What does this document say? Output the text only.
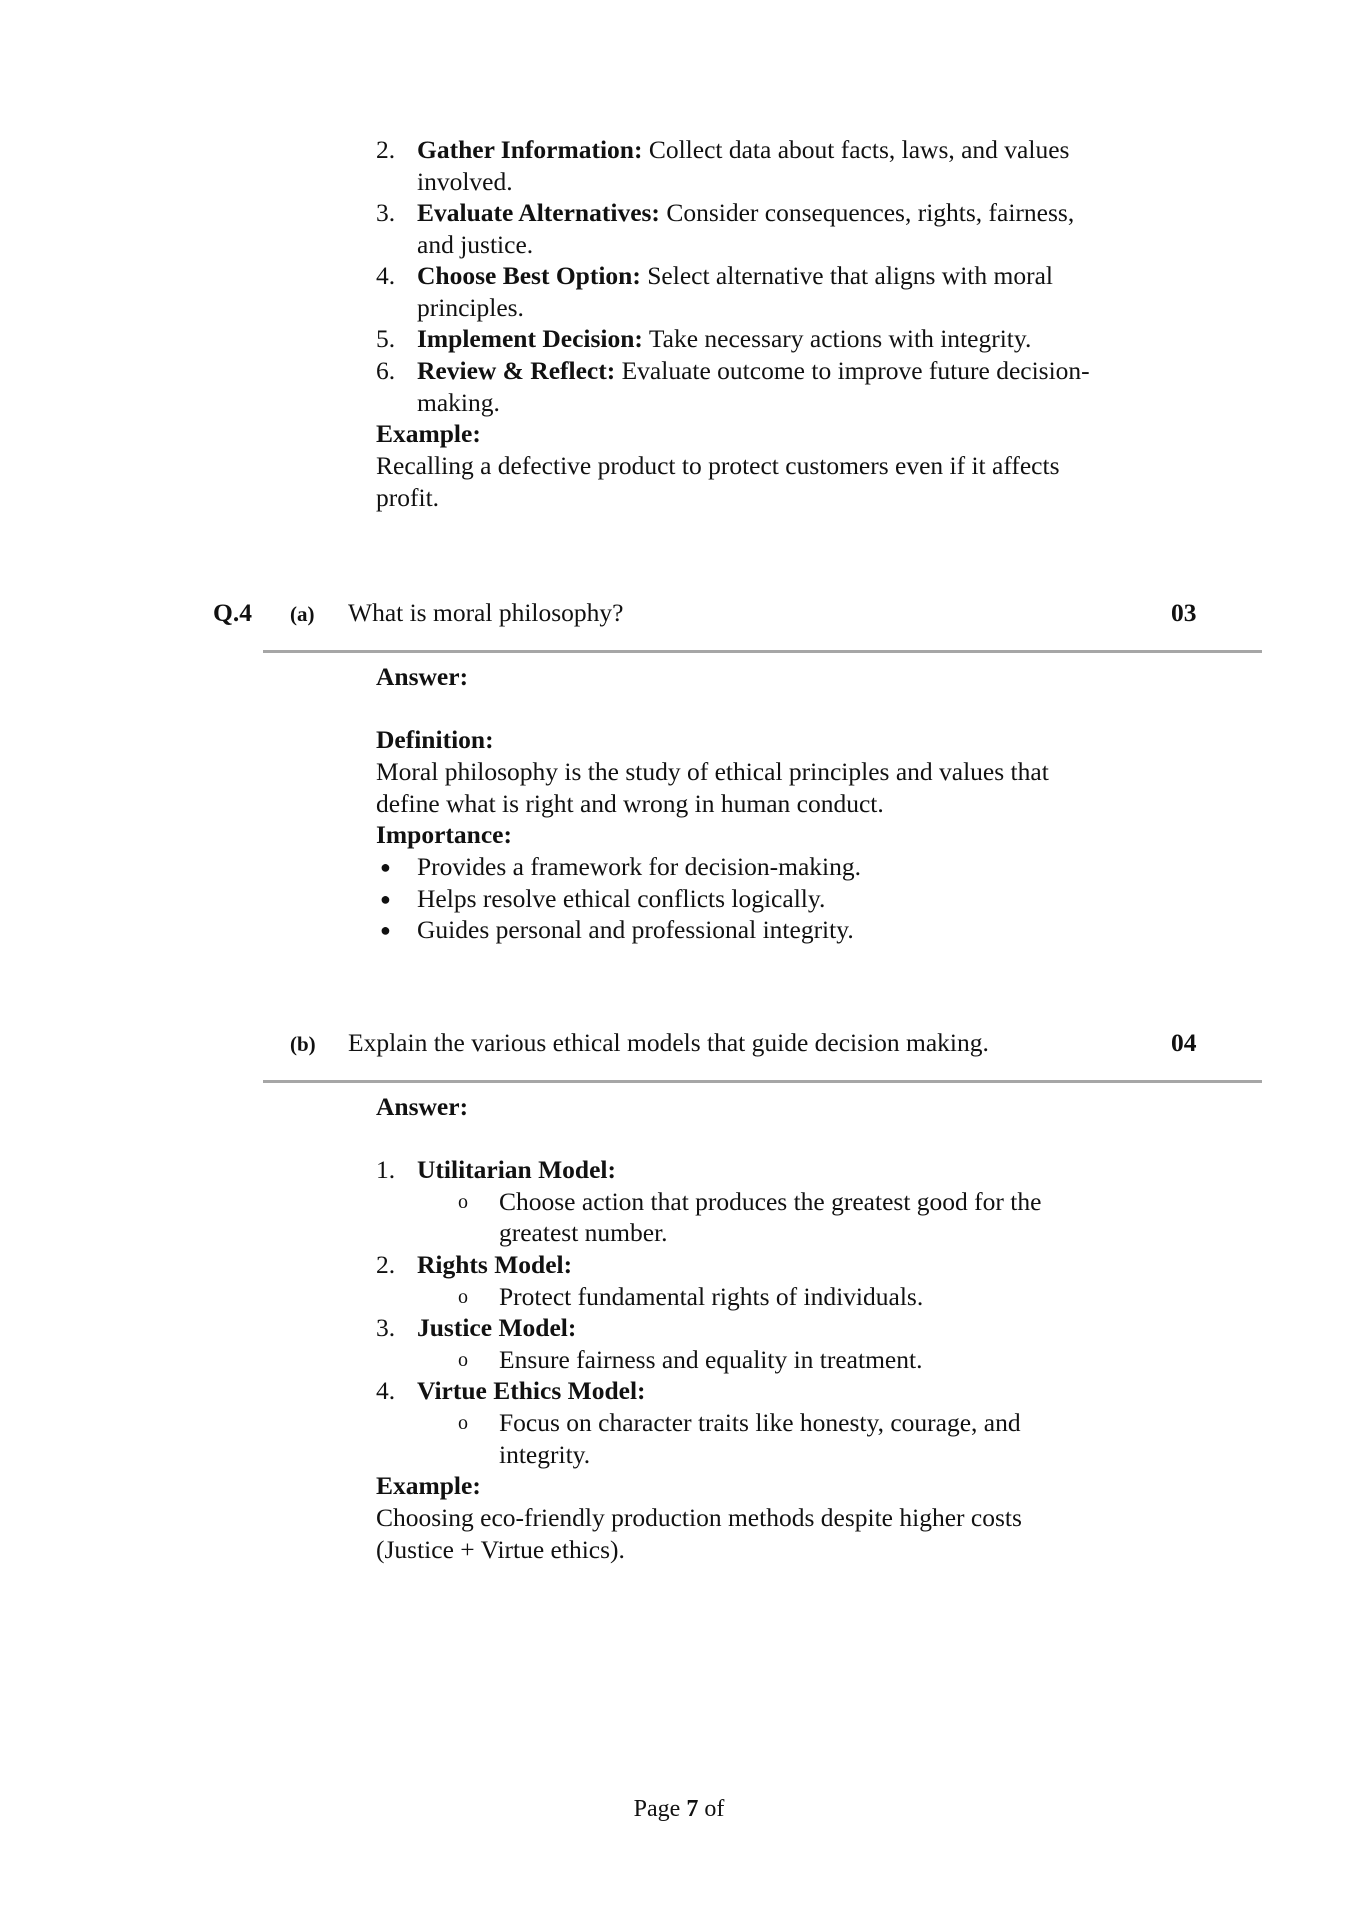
2. Gather Information: Collect data about facts, laws, and values
involved.
3. Evaluate Alternatives: Consider consequences, rights, fairness,
and justice.
4. Choose Best Option: Select alternative that aligns with moral
principles.
5. Implement Decision: Take necessary actions with integrity.
6. Review & Reflect: Evaluate outcome to improve future decision-
making.
Example:
Recalling a defective product to protect customers even if it affects
profit.
Q.4 (a) What is moral philosophy?	03
Answer:
Definition:
Moral philosophy is the study of ethical principles and values that
define what is right and wrong in human conduct.
Importance:
● Provides a framework for decision-making.
● Helps resolve ethical conflicts logically.
● Guides personal and professional integrity.
(b) Explain the various ethical models that guide decision making.	04
Answer:
1. Utilitarian Model:
o Choose action that produces the greatest good for the
greatest number.
2. Rights Model:
o Protect fundamental rights of individuals.
3. Justice Model:
o Ensure fairness and equality in treatment.
4. Virtue Ethics Model:
o Focus on character traits like honesty, courage, and
integrity.
Example:
Choosing eco-friendly production methods despite higher costs
(Justice + Virtue ethics).
Page 7 of
